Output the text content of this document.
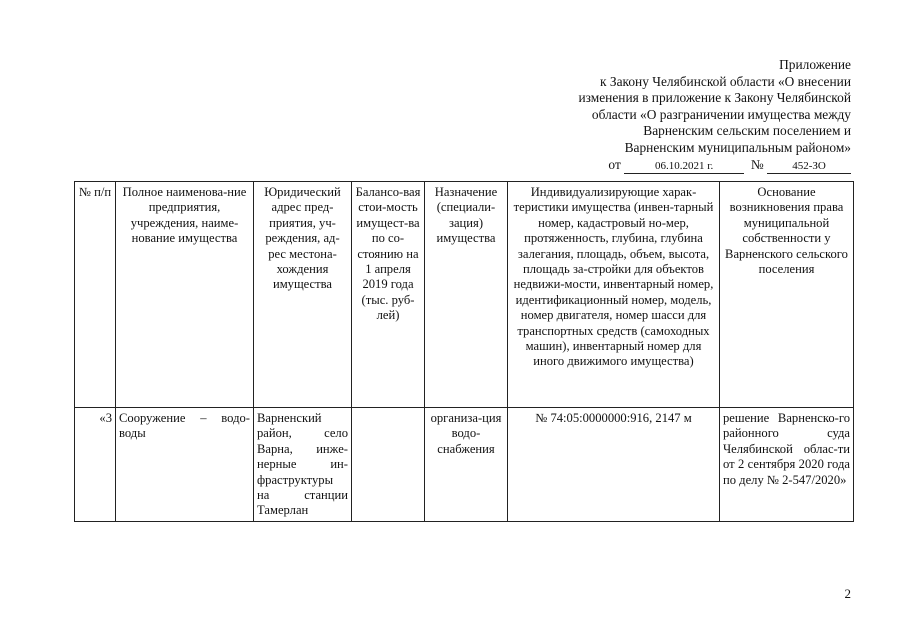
Приложение
к Закону Челябинской области «О внесении
изменения в приложение к Закону Челябинской
области «О разграничении имущества между
Варненским сельским поселением и
Варненским муниципальным районом»
от	06.10.2021 г.	№	452-ЗО
№ п/п	Полное наименова-ние предприятия, учреждения, наиме-нование имущества	Юридический адрес пред-приятия, уч-реждения, ад-рес местона-хождения имущества	Балансо-вая стои-мость имущест-ва по со-стоянию на 1 апреля 2019 года (тыс. руб-лей)	Назначение (специали-зация) имущества	Индивидуализирующие харак-теристики имущества (инвен-тарный номер, кадастровый но-мер, протяженность, глубина, глубина залегания, площадь, объем, высота, площадь за-стройки для объектов недвижи-мости, инвентарный номер, идентификационный номер, модель, номер двигателя, номер шасси для транспортных средств (самоходных машин), инвентарный номер для иного движимого имущества)	Основание возникновения права муниципальной собственности у Варненского сельского поселения
«3	Сооружение – водо-воды	Варненский район, село Варна, инже-нерные ин-фраструктуры на станции Тамерлан		организа-ция водо-снабжения	№ 74:05:0000000:916, 2147 м	решение Варненско-го районного суда Челябинской облас-ти от 2 сентября 2020 года по делу № 2-547/2020»
2
